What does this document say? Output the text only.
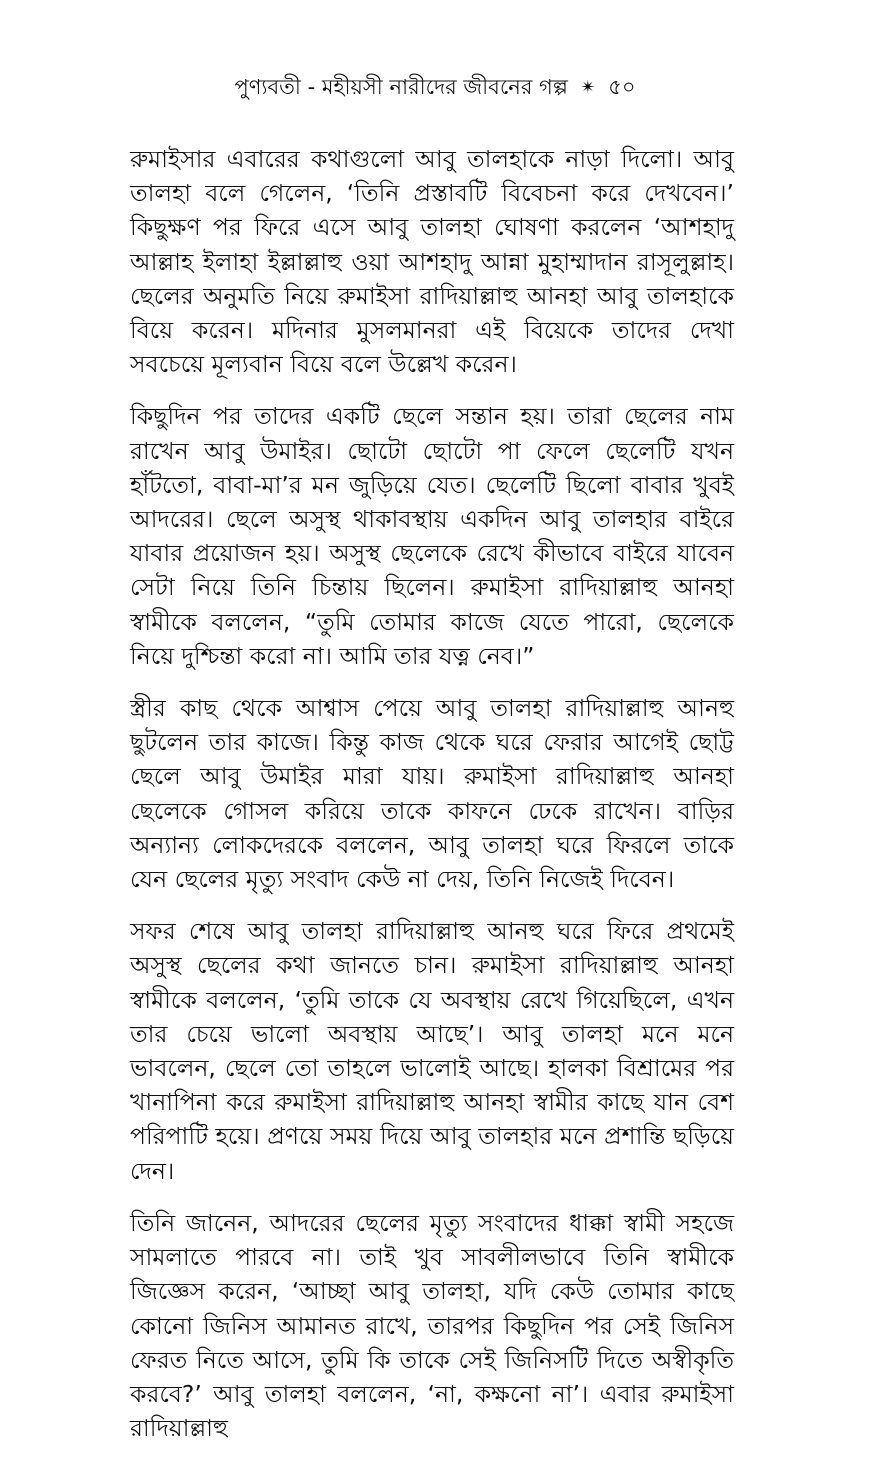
পুণ্যবতী - মহীয়সী নারীদের জীবনের গল্প ✴ ৫০

রুমাইসার এবারের কথাগুলো আবু তালহাকে নাড়া দিলো। আবু তালহা বলে গেলেন, ‘তিনি প্রস্তাবটি বিবেচনা করে দেখবেন।’ কিছুক্ষণ পর ফিরে এসে আবু তালহা ঘোষণা করলেন ‘আশহাদু আল্লাহ ইলাহা ইল্লাল্লাহু ওয়া আশহাদু আন্না মুহাম্মাদান রাসূলুল্লাহ। ছেলের অনুমতি নিয়ে রুমাইসা রাদিয়াল্লাহু আনহা আবু তালহাকে বিয়ে করেন। মদিনার মুসলমানরা এই বিয়েকে তাদের দেখা সবচেয়ে মূল্যবান বিয়ে বলে উল্লেখ করেন।

কিছুদিন পর তাদের একটি ছেলে সন্তান হয়। তারা ছেলের নাম রাখেন আবু উমাইর। ছোটো ছোটো পা ফেলে ছেলেটি যখন হাঁটতো, বাবা-মা’র মন জুড়িয়ে যেত। ছেলেটি ছিলো বাবার খুবই আদরের। ছেলে অসুস্থ থাকাবস্থায় একদিন আবু তালহার বাইরে যাবার প্রয়োজন হয়। অসুস্থ ছেলেকে রেখে কীভাবে বাইরে যাবেন সেটা নিয়ে তিনি চিন্তায় ছিলেন। রুমাইসা রাদিয়াল্লাহু আনহা স্বামীকে বললেন, “তুমি তোমার কাজে যেতে পারো, ছেলেকে নিয়ে দুশ্চিন্তা করো না। আমি তার যত্ন নেব।”

স্ত্রীর কাছ থেকে আশ্বাস পেয়ে আবু তালহা রাদিয়াল্লাহু আনহু ছুটলেন তার কাজে। কিন্তু কাজ থেকে ঘরে ফেরার আগেই ছোট্ট ছেলে আবু উমাইর মারা যায়। রুমাইসা রাদিয়াল্লাহু আনহা ছেলেকে গোসল করিয়ে তাকে কাফনে ঢেকে রাখেন। বাড়ির অন্যান্য লোকদেরকে বললেন, আবু তালহা ঘরে ফিরলে তাকে যেন ছেলের মৃত্যু সংবাদ কেউ না দেয়, তিনি নিজেই দিবেন।

সফর শেষে আবু তালহা রাদিয়াল্লাহু আনহু ঘরে ফিরে প্রথমেই অসুস্থ ছেলের কথা জানতে চান। রুমাইসা রাদিয়াল্লাহু আনহা স্বামীকে বললেন, ‘তুমি তাকে যে অবস্থায় রেখে গিয়েছিলে, এখন তার চেয়ে ভালো অবস্থায় আছে’। আবু তালহা মনে মনে ভাবলেন, ছেলে তো তাহলে ভালোই আছে। হালকা বিশ্রামের পর খানাপিনা করে রুমাইসা রাদিয়াল্লাহু আনহা স্বামীর কাছে যান বেশ পরিপাটি হয়ে। প্রণয়ে সময় দিয়ে আবু তালহার মনে প্রশান্তি ছড়িয়ে দেন।

তিনি জানেন, আদরের ছেলের মৃত্যু সংবাদের ধাক্কা স্বামী সহজে সামলাতে পারবে না। তাই খুব সাবলীলভাবে তিনি স্বামীকে জিজ্ঞেস করেন, ‘আচ্ছা আবু তালহা, যদি কেউ তোমার কাছে কোনো জিনিস আমানত রাখে, তারপর কিছুদিন পর সেই জিনিস ফেরত নিতে আসে, তুমি কি তাকে সেই জিনিসটি দিতে অস্বীকৃতি করবে?’ আবু তালহা বললেন, ‘না, কক্ষনো না’। এবার রুমাইসা রাদিয়াল্লাহু
